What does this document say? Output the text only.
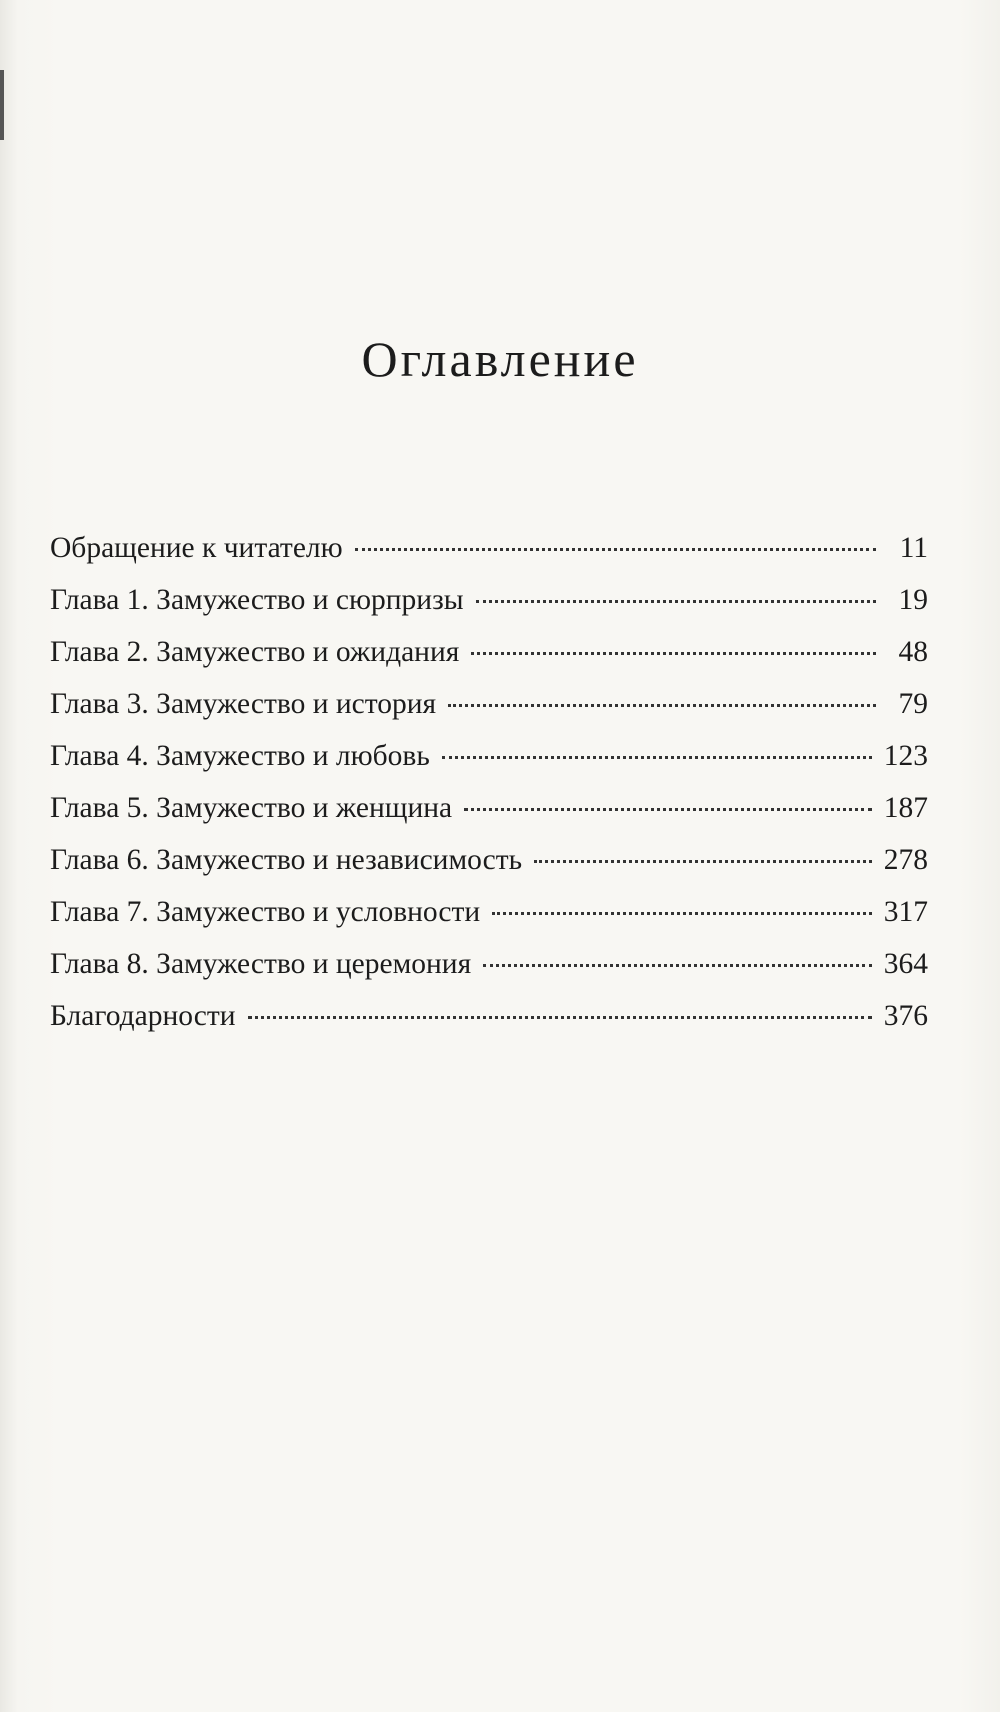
Оглавление
Обращение к читателю	11
Глава 1. Замужество и сюрпризы	19
Глава 2. Замужество и ожидания	48
Глава 3. Замужество и история	79
Глава 4. Замужество и любовь	123
Глава 5. Замужество и женщина	187
Глава 6. Замужество и независимость	278
Глава 7. Замужество и условности	317
Глава 8. Замужество и церемония	364
Благодарности	376
